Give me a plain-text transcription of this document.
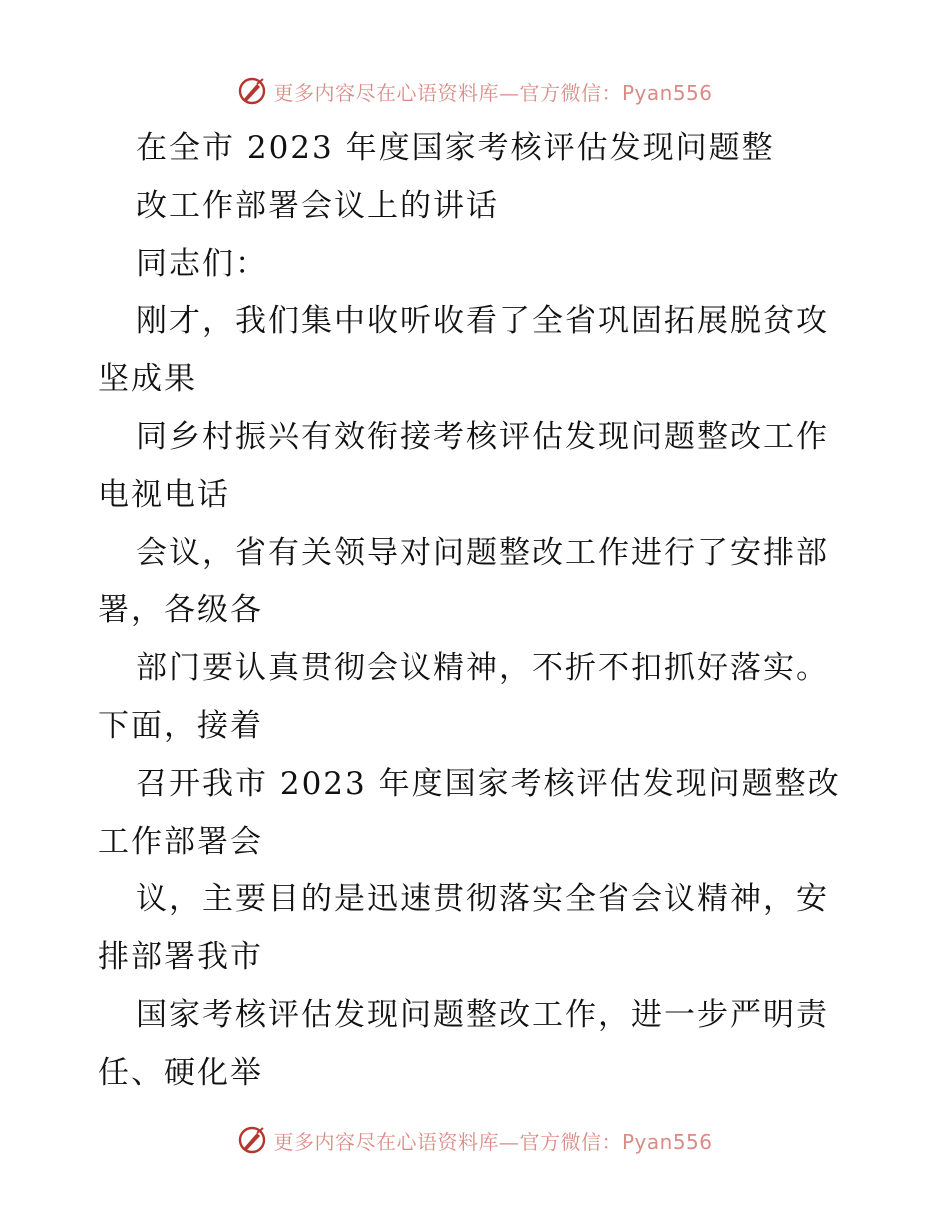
更多内容尽在心语资料库—官方微信：Pyan556
在全市 2023 年度国家考核评估发现问题整
改工作部署会议上的讲话
同志们：
刚才，我们集中收听收看了全省巩固拓展脱贫攻
坚成果
同乡村振兴有效衔接考核评估发现问题整改工作
电视电话
会议，省有关领导对问题整改工作进行了安排部
署，各级各
部门要认真贯彻会议精神，不折不扣抓好落实。
下面，接着
召开我市 2023 年度国家考核评估发现问题整改
工作部署会
议，主要目的是迅速贯彻落实全省会议精神，安
排部署我市
国家考核评估发现问题整改工作，进一步严明责
任、硬化举
更多内容尽在心语资料库—官方微信：Pyan556
